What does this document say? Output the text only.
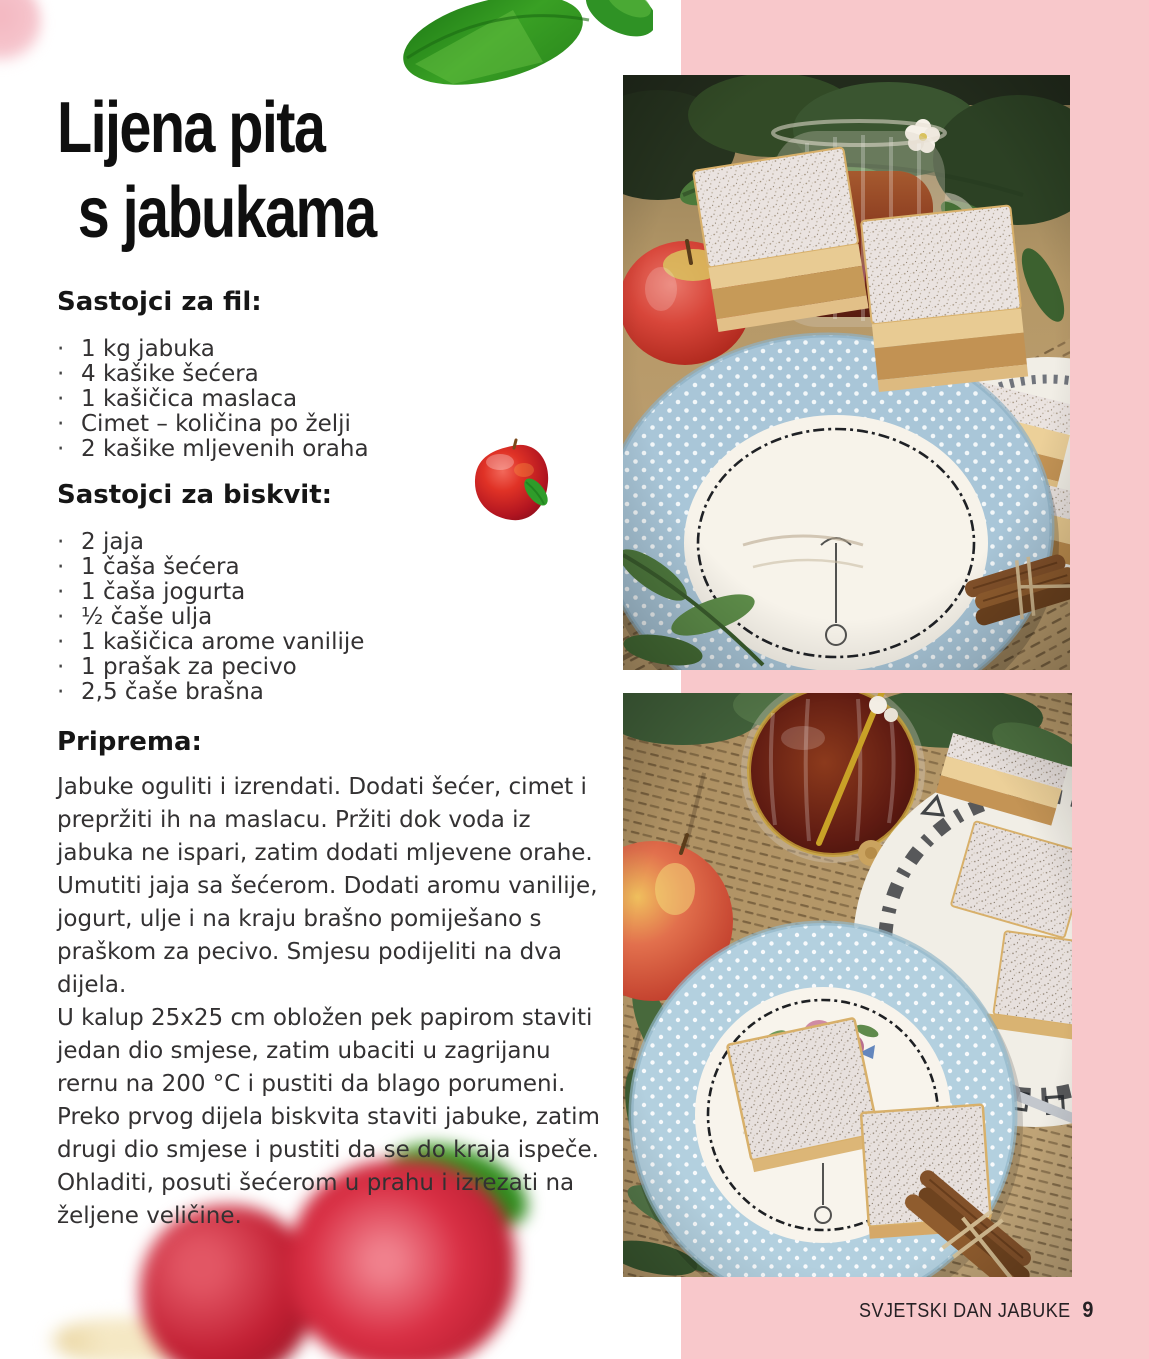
Lijena pita
s jabukama
Sastojci za fil:
· 1 kg jabuka
· 4 kašike šećera
· 1 kašičica maslaca
· Cimet – količina po želji
· 2 kašike mljevenih oraha
Sastojci za biskvit:
· 2 jaja
· 1 čaša šećera
· 1 čaša jogurta
· ½ čaše ulja
· 1 kašičica arome vanilije
· 1 prašak za pecivo
· 2,5 čaše brašna
Priprema:

Jabuke oguliti i izrendati. Dodati šećer, cimet i prepržiti ih na maslacu. Pržiti dok voda iz jabuka ne ispari, zatim dodati mljevene orahe.

Umutiti jaja sa šećerom. Dodati aromu vanilije, jogurt, ulje i na kraju brašno pomiješano s praškom za pecivo. Smjesu podijeliti na dva dijela.

U kalup 25x25 cm obložen pek papirom staviti jedan dio smjese, zatim ubaciti u zagrijanu rernu na 200 °C i pustiti da blago porumeni. Preko prvog dijela biskvita staviti jabuke, zatim drugi dio smjese i pustiti da se do kraja ispeče.

Ohladiti, posuti šećerom u prahu i izrezati na željene veličine.

SVJETSKI DAN JABUKE 9
